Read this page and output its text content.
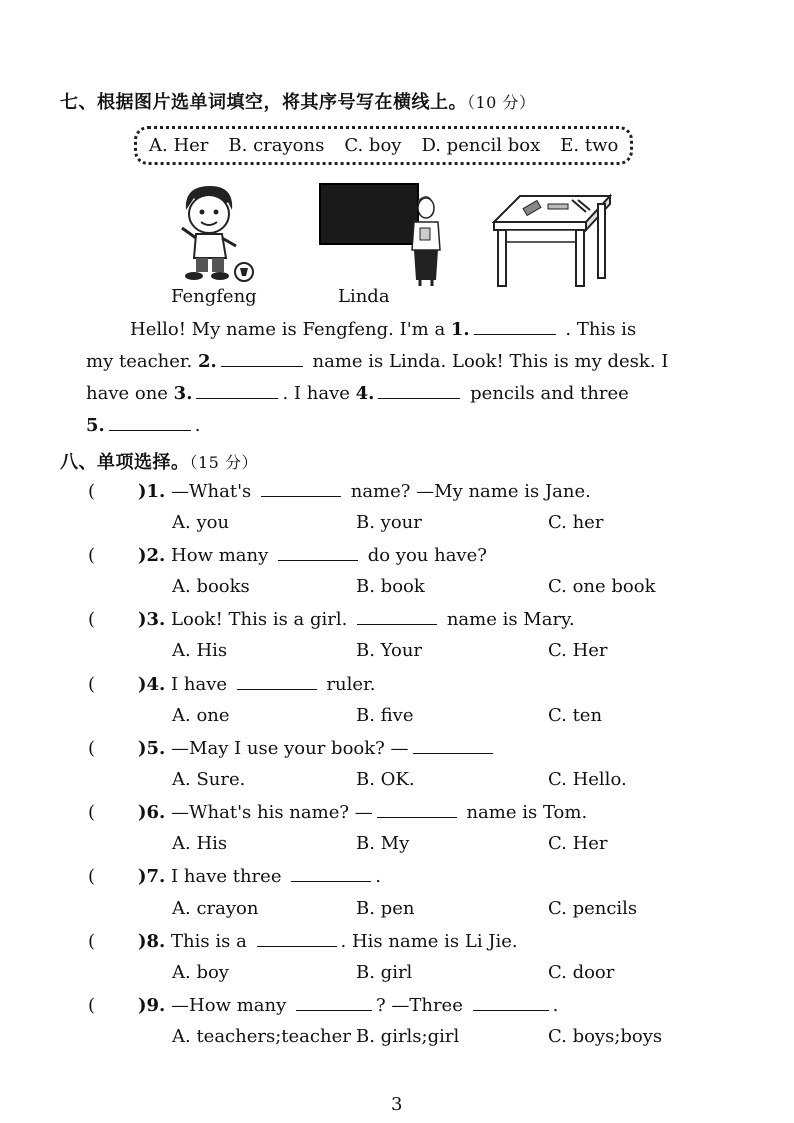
七、根据图片选单词填空，将其序号写在横线上。（10 分）
A. Her B. crayons C. boy D. pencil box E. two
Fengfeng	Linda
Hello! My name is Fengfeng. I'm a 1.	. This is
my teacher. 2.	name is Linda. Look! This is my desk. I
have one 3.	. I have 4.	pencils and three
5.	.
八、单项选择。（15 分）
( )1. —What's	name? —My name is Jane.
A. you	B. your	C. her
( )2. How many	do you have?
A. books	B. book	C. one book
( )3. Look! This is a girl.	name is Mary.
A. His	B. Your	C. Her
( )4. I have	ruler.
A. one	B. five	C. ten
( )5. —May I use your book? —
A. Sure.	B. OK.	C. Hello.
( )6. —What's his name? —	name is Tom.
A. His	B. My	C. Her
( )7. I have three	.
A. crayon	B. pen	C. pencils
( )8. This is a	. His name is Li Jie.
A. boy	B. girl	C. door
( )9. —How many	? —Three	.
A. teachers;teacher B. girls;girl	C. boys;boys
3
